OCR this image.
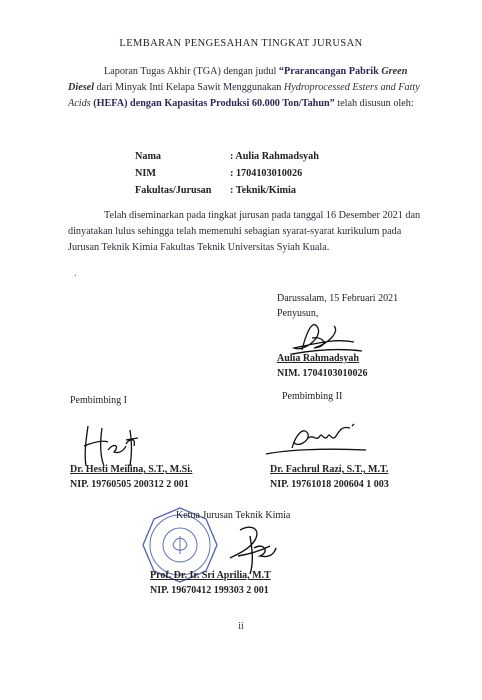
LEMBARAN PENGESAHAN TINGKAT JURUSAN
Laporan Tugas Akhir (TGA) dengan judul “Prarancangan Pabrik Green Diesel dari Minyak Inti Kelapa Sawit Menggunakan Hydroprocessed Esters and Fatty Acids (HEFA) dengan Kapasitas Produksi 60.000 Ton/Tahun” telah disusun oleh:
Nama	: Aulia Rahmadsyah
NIM	: 1704103010026
Fakultas/Jurusan	: Teknik/Kimia
Telah diseminarkan pada tingkat jurusan pada tanggal 16 Desember 2021 dan dinyatakan lulus sehingga telah memenuhi sebagian syarat-syarat kurikulum pada Jurusan Teknik Kimia Fakultas Teknik Universitas Syiah Kuala.
.
Darussalam, 15 Februari 2021
Penyusun,
Aulia Rahmadsyah
NIM. 1704103010026
Pembimbing I
Dr. Hesti Meilina, S.T., M.Si.
NIP. 19760505 200312 2 001
Pembimbing II
Dr. Fachrul Razi, S.T., M.T.
NIP. 19761018 200604 1 003
Ketua Jurusan Teknik Kimia
Prof. Dr. Ir. Sri Aprilia, M.T
NIP. 19670412 199303 2 001
ii
